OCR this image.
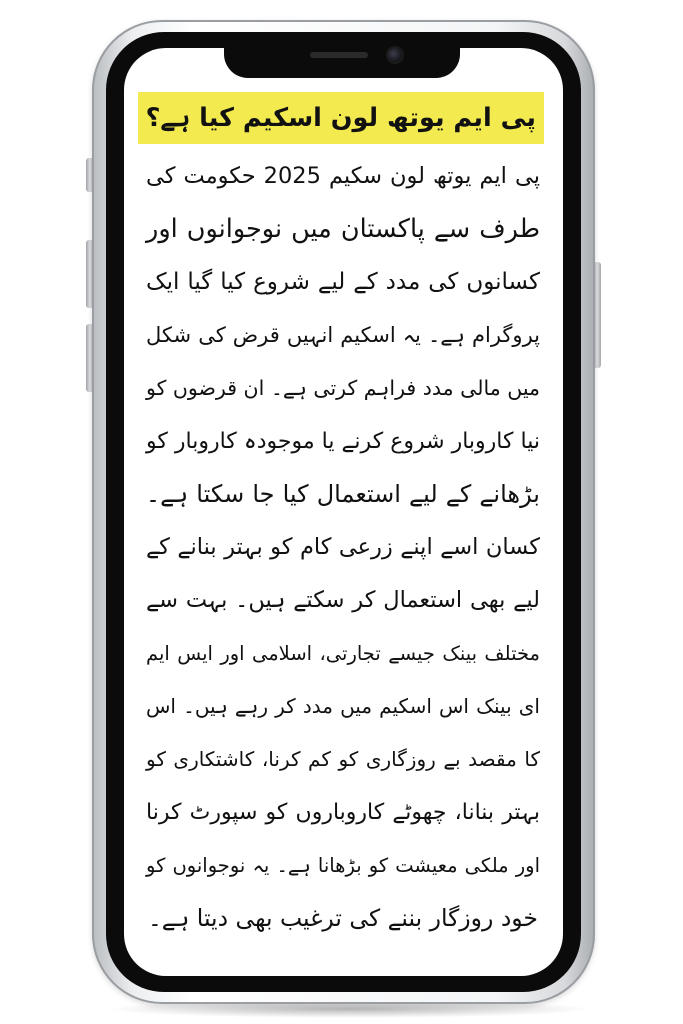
پی ایم یوتھ لون اسکیم کیا ہے؟
پی ایم یوتھ لون سکیم 2025 حکومت کی
طرف سے پاکستان میں نوجوانوں اور
کسانوں کی مدد کے لیے شروع کیا گیا ایک
پروگرام ہے۔ یہ اسکیم انہیں قرض کی شکل
میں مالی مدد فراہم کرتی ہے۔ ان قرضوں کو
نیا کاروبار شروع کرنے یا موجودہ کاروبار کو
بڑھانے کے لیے استعمال کیا جا سکتا ہے۔
کسان اسے اپنے زرعی کام کو بہتر بنانے کے
لیے بھی استعمال کر سکتے ہیں۔ بہت سے
مختلف بینک جیسے تجارتی، اسلامی اور ایس ایم
ای بینک اس اسکیم میں مدد کر رہے ہیں۔ اس
کا مقصد بے روزگاری کو کم کرنا، کاشتکاری کو
بہتر بنانا، چھوٹے کاروباروں کو سپورٹ کرنا
اور ملکی معیشت کو بڑھانا ہے۔ یہ نوجوانوں کو
خود روزگار بننے کی ترغیب بھی دیتا ہے۔
